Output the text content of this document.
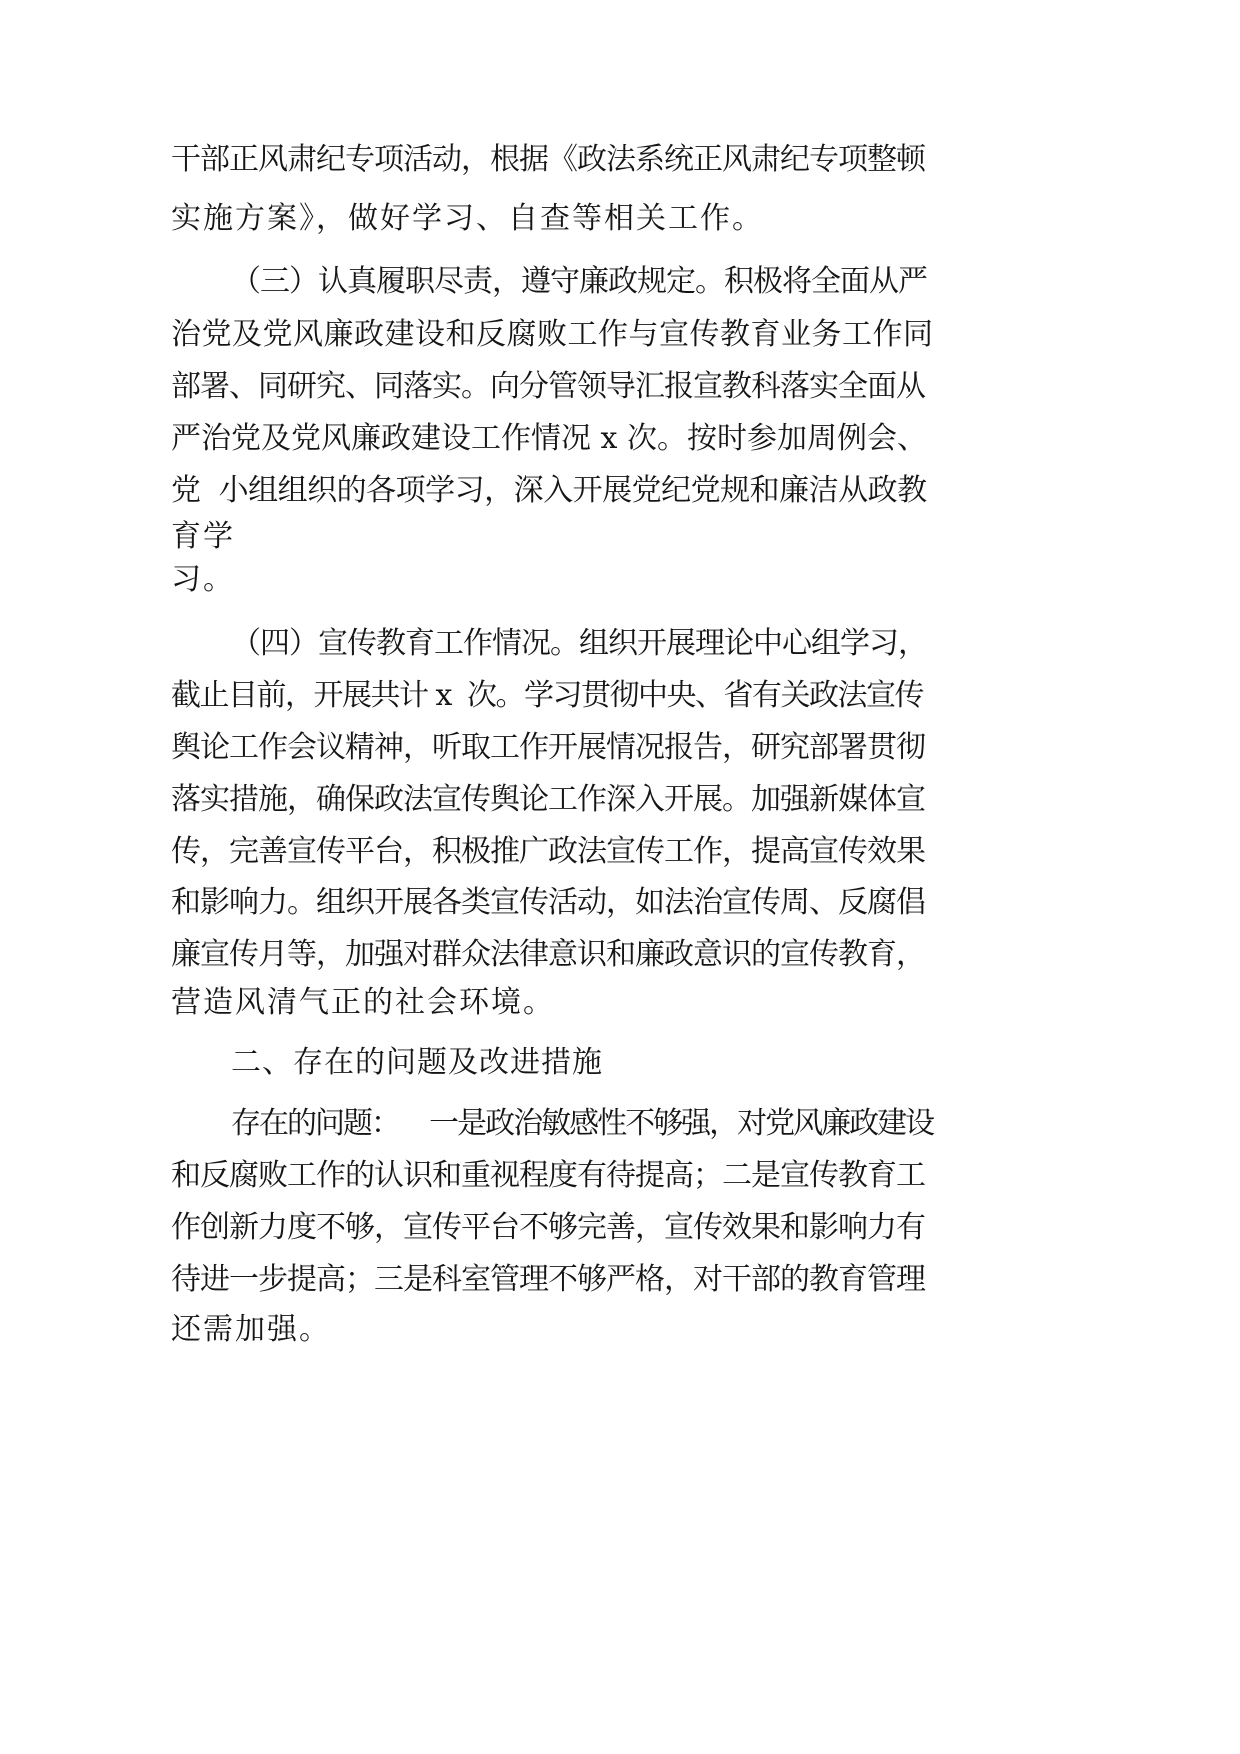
干部正风肃纪专项活动，根据《政法系统正风肃纪专项整顿
实施方案》，做好学习、自查等相关工作。
（三）认真履职尽责，遵守廉政规定。积极将全面从严
治党及党风廉政建设和反腐败工作与宣传教育业务工作同
部署、同研究、同落实。向分管领导汇报宣教科落实全面从
严治党及党风廉政建设工作情况 x 次。按时参加周例会、
党  小组组织的各项学习，深入开展党纪党规和廉洁从政教
育学
习。
（四）宣传教育工作情况。组织开展理论中心组学习，
截止目前，开展共计 x  次。学习贯彻中央、省有关政法宣传
舆论工作会议精神，听取工作开展情况报告，研究部署贯彻
落实措施，确保政法宣传舆论工作深入开展。加强新媒体宣
传，完善宣传平台，积极推广政法宣传工作，提高宣传效果
和影响力。组织开展各类宣传活动，如法治宣传周、反腐倡
廉宣传月等，加强对群众法律意识和廉政意识的宣传教育，
营造风清气正的社会环境。
二、存在的问题及改进措施
存在的问题：    一是政治敏感性不够强，对党风廉政建设
和反腐败工作的认识和重视程度有待提高；二是宣传教育工
作创新力度不够，宣传平台不够完善，宣传效果和影响力有
待进一步提高；三是科室管理不够严格，对干部的教育管理
还需加强。
